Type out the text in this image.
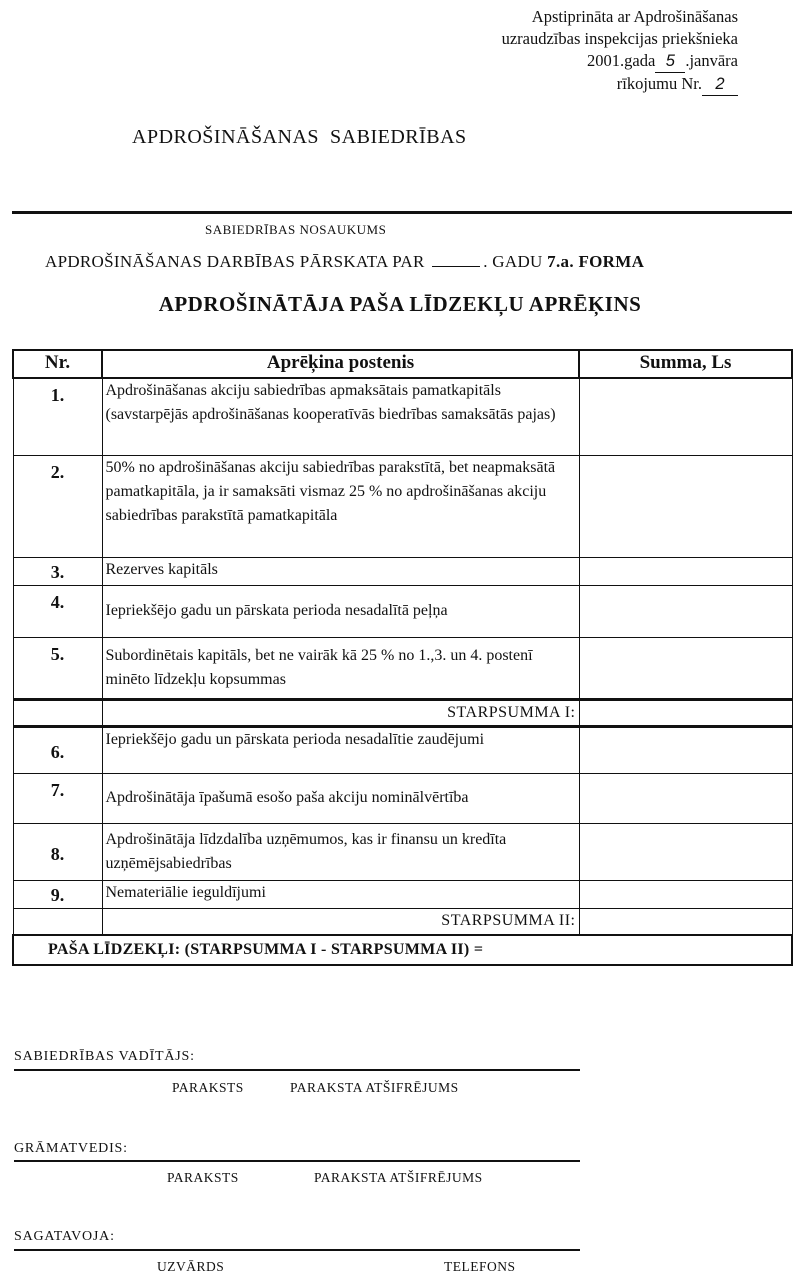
Apstiprināta ar Apdrošināšanas
uzraudzības inspekcijas priekšnieka
2001.gada 5 .janvāra
rīkojumu Nr. 2
APDROŠINĀŠANAS  SABIEDRĪBAS
SABIEDRĪBAS NOSAUKUMS
APDROŠINĀŠANAS DARBĪBAS PĀRSKATA PAR	. GADU 7.a. FORMA
APDROŠINĀTĀJA PAŠA LĪDZEKĻU APRĒĶINS
Nr.	Aprēķina postenis	Summa, Ls
1.	Apdrošināšanas akciju sabiedrības apmaksātais pamatkapitāls (savstarpējās apdrošināšanas kooperatīvās biedrības samaksātās pajas)	
2.	50% no apdrošināšanas akciju sabiedrības parakstītā, bet neapmaksātā pamatkapitāla, ja ir samaksāti vismaz 25 % no apdrošināšanas akciju sabiedrības parakstītā pamatkapitāla	
3.	Rezerves kapitāls	
4.	Iepriekšējo gadu un pārskata perioda nesadalītā peļņa	
5.	Subordinētais kapitāls, bet ne vairāk kā 25 % no 1.,3. un 4. postenī minēto līdzekļu kopsummas	
	STARPSUMMA I:	
6.	Iepriekšējo gadu un pārskata perioda nesadalītie zaudējumi	
7.	Apdrošinātāja īpašumā esošo paša akciju nominālvērtība	
8.	Apdrošinātāja līdzdalība uzņēmumos, kas ir finansu un kredīta uzņēmējsabiedrības	
9.	Nemateriālie ieguldījumi	
	STARPSUMMA II:	
PAŠA LĪDZEKĻI: (STARPSUMMA I - STARPSUMMA II) =		
SABIEDRĪBAS VADĪTĀJS:
PARAKSTS	PARAKSTA ATŠIFRĒJUMS
GRĀMATVEDIS:
PARAKSTS	PARAKSTA ATŠIFRĒJUMS
SAGATAVOJA:
UZVĀRDS	TELEFONS
